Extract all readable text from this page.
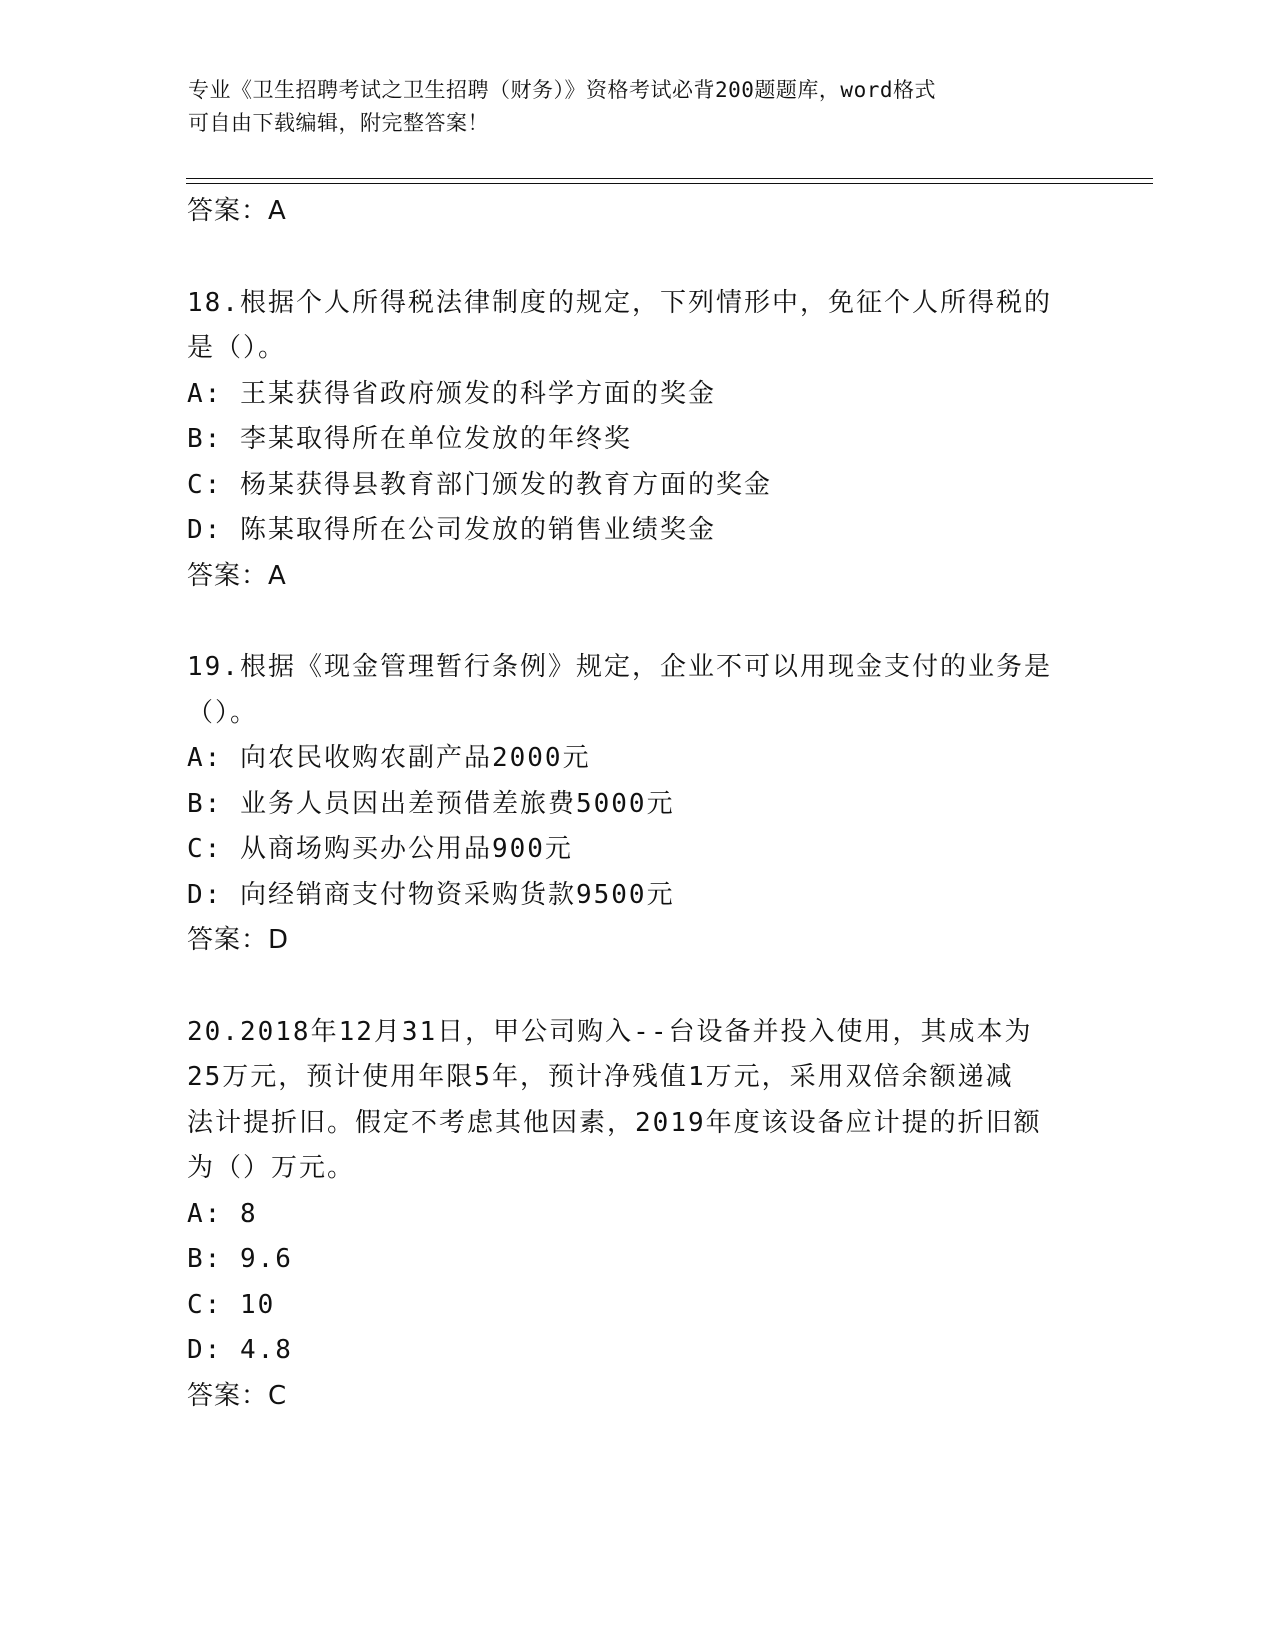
专业《卫生招聘考试之卫生招聘（财务）》资格考试必背200题题库，word格式
可自由下载编辑，附完整答案！
答案：A
18.根据个人所得税法律制度的规定，下列情形中，免征个人所得税的
是（）。
A: 王某获得省政府颁发的科学方面的奖金
B: 李某取得所在单位发放的年终奖
C: 杨某获得县教育部门颁发的教育方面的奖金
D: 陈某取得所在公司发放的销售业绩奖金
答案：A
19.根据《现金管理暂行条例》规定，企业不可以用现金支付的业务是
（）。
A: 向农民收购农副产品2000元
B: 业务人员因出差预借差旅费5000元
C: 从商场购买办公用品900元
D: 向经销商支付物资采购货款9500元
答案：D
20.2018年12月31日，甲公司购入--台设备并投入使用，其成本为
25万元，预计使用年限5年，预计净残值1万元，采用双倍余额递减
法计提折旧。假定不考虑其他因素，2019年度该设备应计提的折旧额
为（）万元。
A: 8
B: 9.6
C: 10
D: 4.8
答案：C
